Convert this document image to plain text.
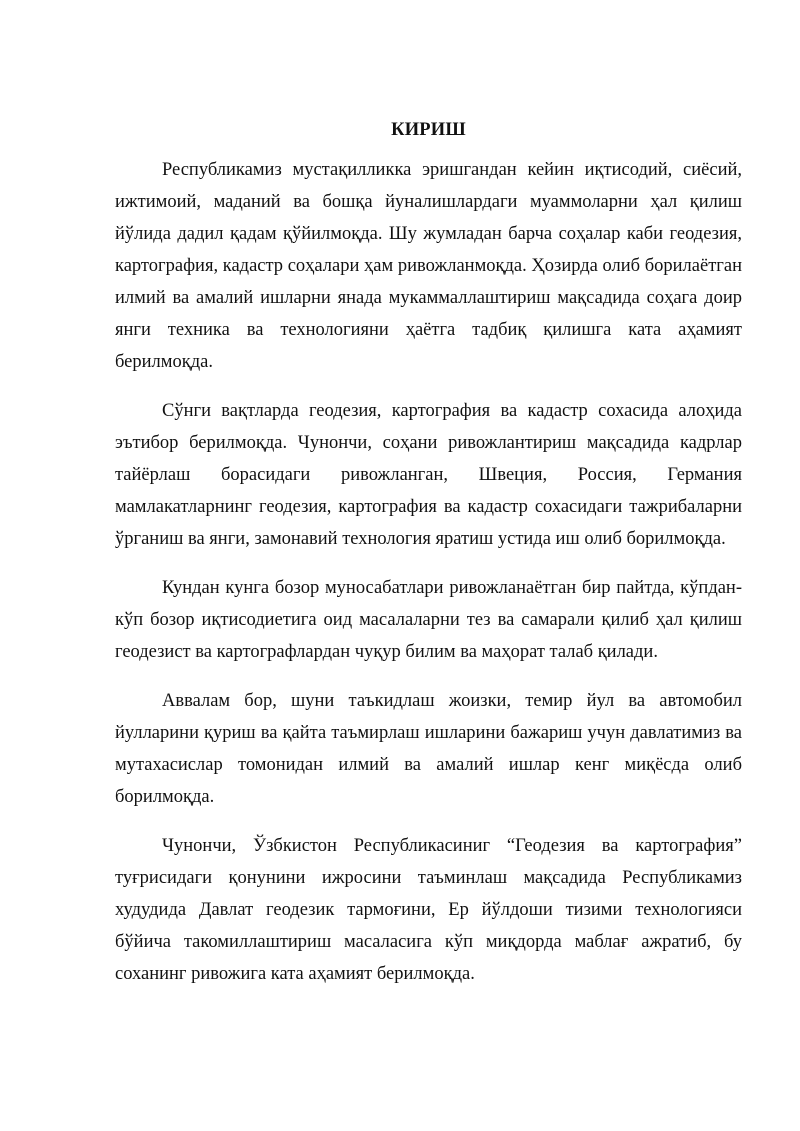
КИРИШ

Республикамиз мустақилликка эришгандан кейин иқтисодий, сиёсий, ижтимоий, маданий ва бошқа йуналишлардаги муаммоларни ҳал қилиш йўлида дадил қадам қўйилмоқда. Шу жумладан барча соҳалар каби геодезия, картография, кадастр соҳалари ҳам ривожланмоқда. Ҳозирда олиб борилаётган илмий ва амалий ишларни янада мукаммаллаштириш мақсадида соҳага доир янги техника ва технологияни ҳаётга тадбиқ қилишга ката аҳамият берилмоқда.

Сўнги вақтларда геодезия, картография ва кадастр сохасида алоҳида эътибор берилмоқда. Чунончи, соҳани ривожлантириш мақсадида кадрлар тайёрлаш борасидаги ривожланган, Швеция, Россия, Германия мамлакатларнинг геодезия, картография ва кадастр сохасидаги тажрибаларни ўрганиш ва янги, замонавий технология яратиш устида иш олиб борилмоқда.

Кундан кунга бозор муносабатлари ривожланаётган бир пайтда, кўпдан-кўп бозор иқтисодиетига оид масалаларни тез ва самарали қилиб ҳал қилиш геодезист ва картографлардан чуқур билим ва маҳорат талаб қилади.

Аввалам бор, шуни таъкидлаш жоизки, темир йул ва автомобил йулларини қуриш ва қайта таъмирлаш ишларини бажариш учун давлатимиз ва мутахасислар томонидан илмий ва амалий ишлар кенг миқёсда олиб борилмоқда.

Чунончи, Ўзбкистон Республикасиниг “Геодезия ва картография” туғрисидаги қонунини ижросини таъминлаш мақсадида Республикамиз худудида Давлат геодезик тармоғини, Ер йўлдоши тизими технологияси бўйича такомиллаштириш масаласига кўп миқдорда маблағ ажратиб, бу соханинг ривожига ката аҳамият берилмоқда.
